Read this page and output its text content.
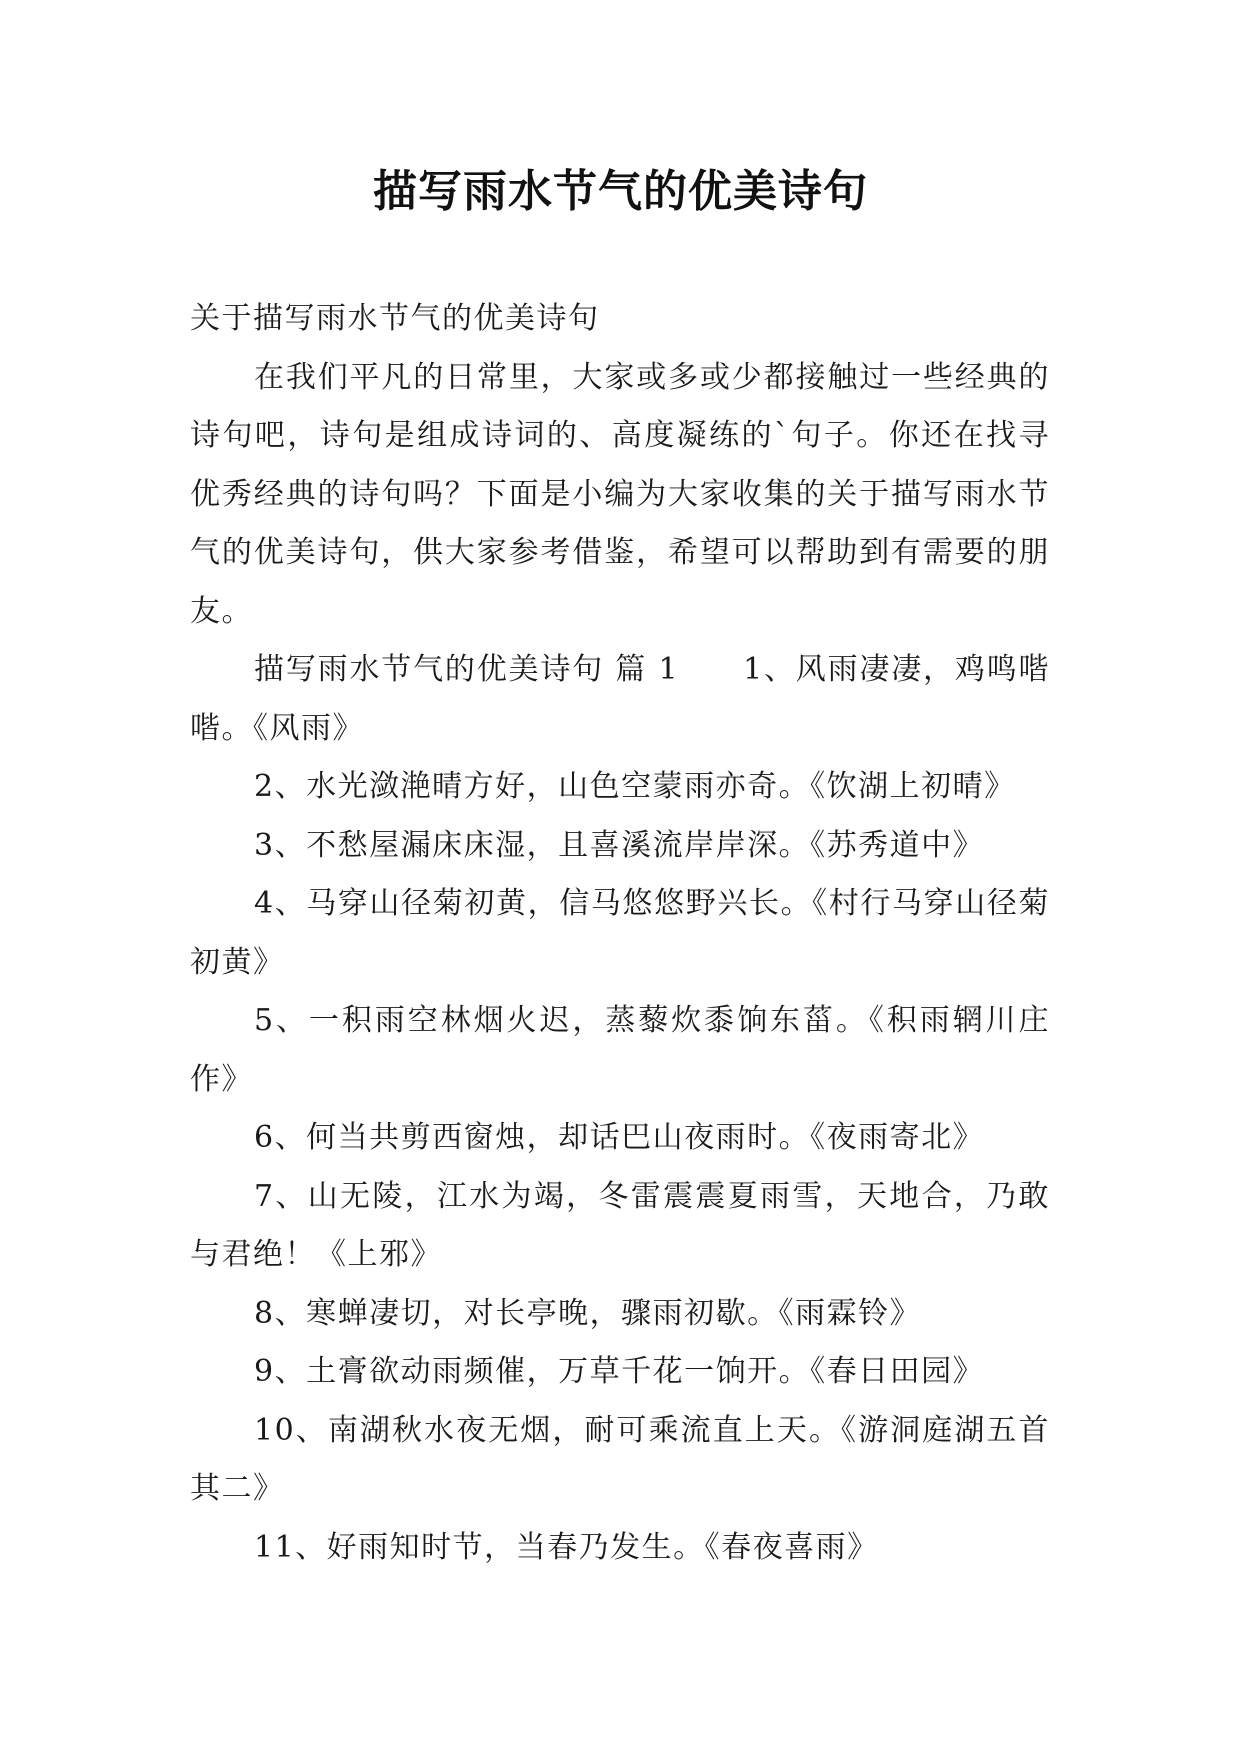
描写雨水节气的优美诗句

关于描写雨水节气的优美诗句

在我们平凡的日常里，大家或多或少都接触过一些经典的诗句吧，诗句是组成诗词的、高度凝练的`句子。你还在找寻优秀经典的诗句吗？下面是小编为大家收集的关于描写雨水节气的优美诗句，供大家参考借鉴，希望可以帮助到有需要的朋友。

描写雨水节气的优美诗句 篇 1 1、风雨凄凄，鸡鸣喈喈。《风雨》

2、水光潋滟晴方好，山色空蒙雨亦奇。《饮湖上初晴》

3、不愁屋漏床床湿，且喜溪流岸岸深。《苏秀道中》

4、马穿山径菊初黄，信马悠悠野兴长。《村行马穿山径菊初黄》

5、一积雨空林烟火迟，蒸藜炊黍饷东菑。《积雨辋川庄作》

6、何当共剪西窗烛，却话巴山夜雨时。《夜雨寄北》

7、山无陵，江水为竭，冬雷震震夏雨雪，天地合，乃敢与君绝！《上邪》

8、寒蝉凄切，对长亭晚，骤雨初歇。《雨霖铃》

9、土膏欲动雨频催，万草千花一饷开。《春日田园》

10、南湖秋水夜无烟，耐可乘流直上天。《游洞庭湖五首其二》

11、好雨知时节，当春乃发生。《春夜喜雨》
